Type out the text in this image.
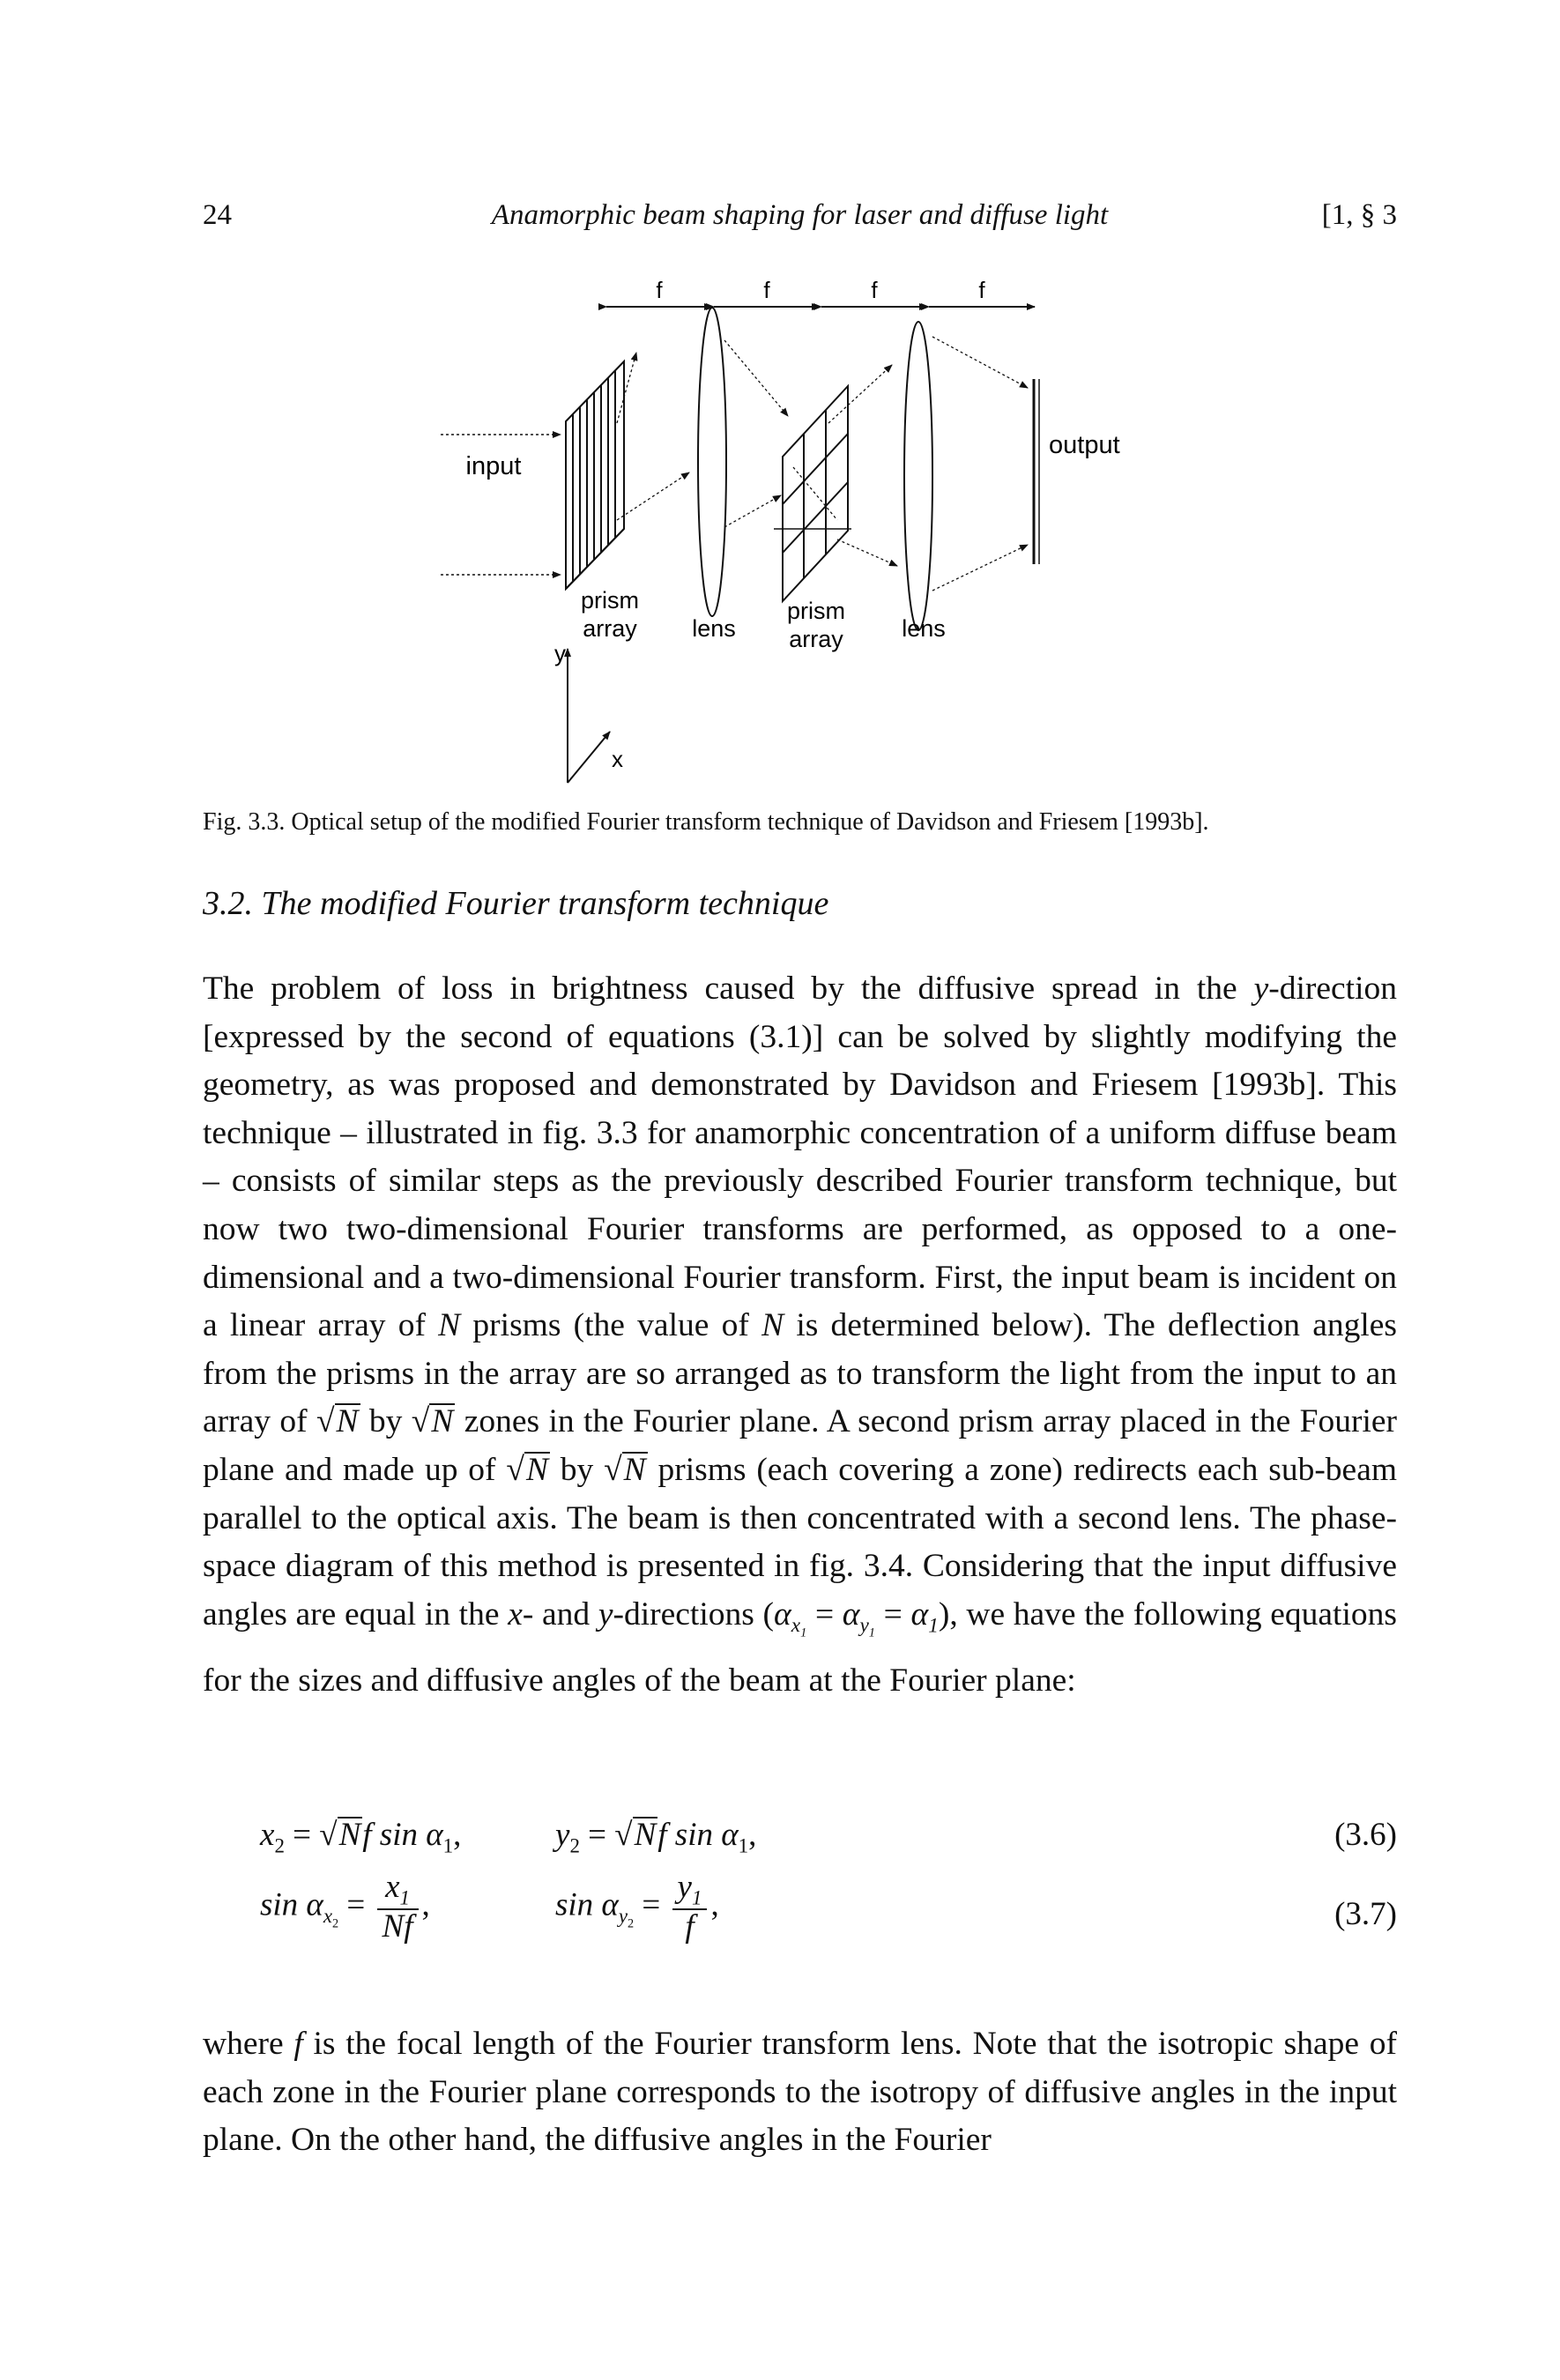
24	Anamorphic beam shaping for laser and diffuse light	[1, § 3
f	f	f	f
input
prism
array lens
prism
array lens
output
y
x
Fig. 3.3. Optical setup of the modified Fourier transform technique of Davidson and Friesem [1993b].
3.2. The modified Fourier transform technique

The problem of loss in brightness caused by the diffusive spread in the y-direction [expressed by the second of equations (3.1)] can be solved by slightly modifying the geometry, as was proposed and demonstrated by Davidson and Friesem [1993b]. This technique – illustrated in fig. 3.3 for anamorphic concentration of a uniform diffuse beam – consists of similar steps as the previously described Fourier transform technique, but now two two-dimensional Fourier transforms are performed, as opposed to a one-dimensional and a two-dimensional Fourier transform. First, the input beam is incident on a linear array of N prisms (the value of N is determined below). The deflection angles from the prisms in the array are so arranged as to transform the light from the input to an array of √N by √N zones in the Fourier plane. A second prism array placed in the Fourier plane and made up of √N by √N prisms (each covering a zone) redirects each sub-beam parallel to the optical axis. The beam is then concentrated with a second lens. The phase-space diagram of this method is presented in fig. 3.4. Considering that the input diffusive angles are equal in the x- and y-directions $(\alpha_{x_1} = \alpha_{y_1} = \alpha_1)$, we have the following equations for the sizes and diffusive angles of the beam at the Fourier plane:

$x_2 = √Nf$ $\sin \alpha_1$,	$y_2 = √Nf$ $\sin \alpha_1$,	(3.6)
$\sin \alpha_{x_2} = \frac{x_1}{Nf}$ ,	$\sin \alpha_{y_2} = \frac{y_1}{f}$ ,	(3.7)

where f is the focal length of the Fourier transform lens. Note that the isotropic shape of each zone in the Fourier plane corresponds to the isotropy of diffusive angles in the input plane. On the other hand, the diffusive angles in the Fourier
